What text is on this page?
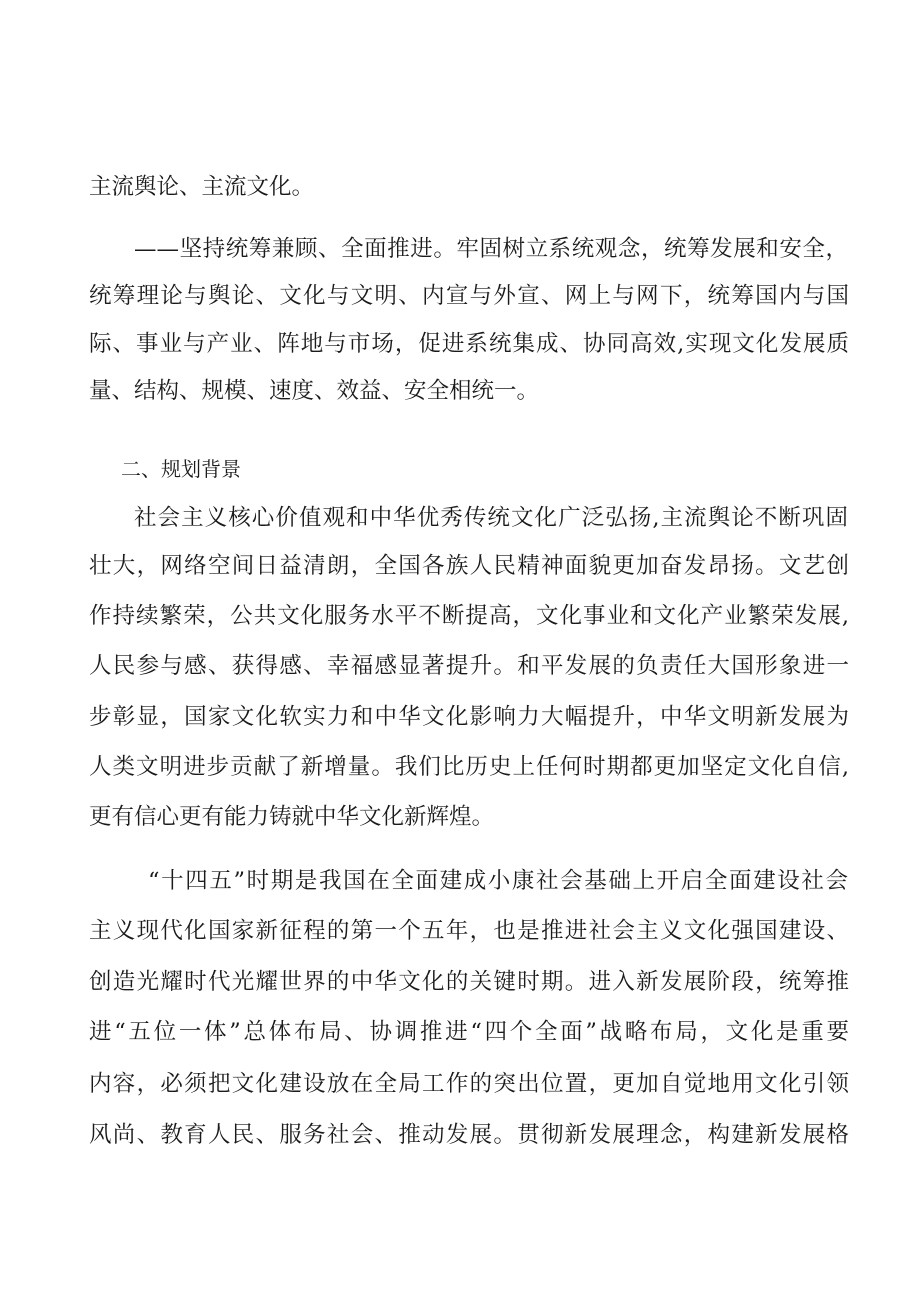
主流舆论、主流文化。
——坚持统筹兼顾、全面推进。牢固树立系统观念，统筹发展和安全，
统筹理论与舆论、文化与文明、内宣与外宣、网上与网下，统筹国内与国
际、事业与产业、阵地与市场，促进系统集成、协同高效,实现文化发展质
量、结构、规模、速度、效益、安全相统一。
二、规划背景
社会主义核心价值观和中华优秀传统文化广泛弘扬,主流舆论不断巩固
壮大，网络空间日益清朗，全国各族人民精神面貌更加奋发昂扬。文艺创
作持续繁荣，公共文化服务水平不断提高，文化事业和文化产业繁荣发展,
人民参与感、获得感、幸福感显著提升。和平发展的负责任大国形象进一
步彰显，国家文化软实力和中华文化影响力大幅提升，中华文明新发展为
人类文明进步贡献了新增量。我们比历史上任何时期都更加坚定文化自信,
更有信心更有能力铸就中华文化新辉煌。
“十四五”时期是我国在全面建成小康社会基础上开启全面建设社会
主义现代化国家新征程的第一个五年，也是推进社会主义文化强国建设、
创造光耀时代光耀世界的中华文化的关键时期。进入新发展阶段，统筹推
进“五位一体”总体布局、协调推进“四个全面”战略布局，文化是重要
内容，必须把文化建设放在全局工作的突出位置，更加自觉地用文化引领
风尚、教育人民、服务社会、推动发展。贯彻新发展理念，构建新发展格
